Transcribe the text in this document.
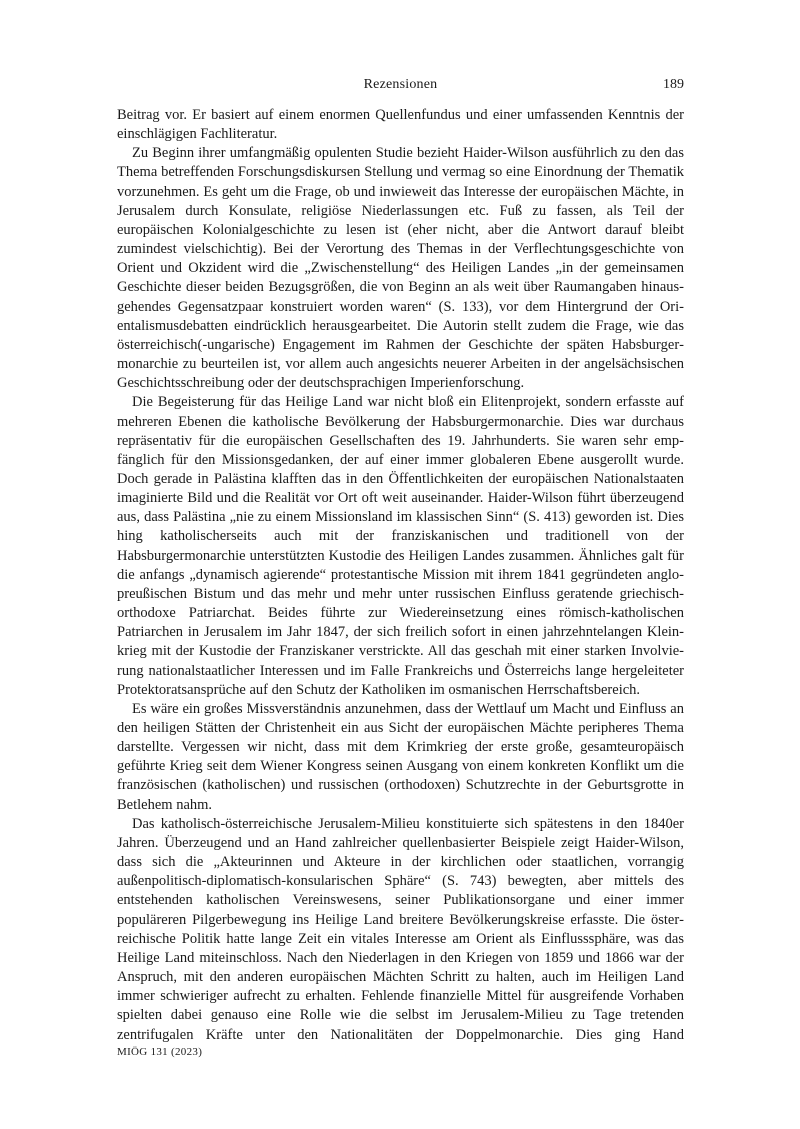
Rezensionen	189

Beitrag vor. Er basiert auf einem enormen Quellenfundus und einer umfassenden Kenntnis der einschlägigen Fachliteratur.

Zu Beginn ihrer umfangmäßig opulenten Studie bezieht Haider-Wilson ausführlich zu den das Thema betreffenden Forschungsdiskursen Stellung und vermag so eine Einordnung der Thematik vorzunehmen. Es geht um die Frage, ob und inwieweit das Interesse der europäischen Mächte, in Jerusalem durch Konsulate, religiöse Niederlassungen etc. Fuß zu fassen, als Teil der europäischen Kolonialgeschichte zu lesen ist (eher nicht, aber die Antwort darauf bleibt zumindest vielschichtig). Bei der Verortung des Themas in der Verflechtungsgeschichte von Orient und Okzident wird die „Zwischenstellung“ des Heiligen Landes „in der gemeinsamen Geschichte dieser beiden Bezugsgrößen, die von Beginn an als weit über Raumangaben hinausgehendes Gegensatzpaar konstruiert worden waren“ (S. 133), vor dem Hintergrund der Orientalismusdebatten eindrücklich herausgearbeitet. Die Autorin stellt zudem die Frage, wie das österreichisch(-ungarische) Engagement im Rahmen der Geschichte der späten Habsburgermonarchie zu beurteilen ist, vor allem auch angesichts neuerer Arbeiten in der angelsächsischen Geschichtsschreibung oder der deutschsprachigen Imperienforschung.

Die Begeisterung für das Heilige Land war nicht bloß ein Elitenprojekt, sondern erfasste auf mehreren Ebenen die katholische Bevölkerung der Habsburgermonarchie. Dies war durchaus repräsentativ für die europäischen Gesellschaften des 19. Jahrhunderts. Sie waren sehr empfänglich für den Missionsgedanken, der auf einer immer globaleren Ebene ausgerollt wurde. Doch gerade in Palästina klafften das in den Öffentlichkeiten der europäischen Nationalstaaten imaginierte Bild und die Realität vor Ort oft weit auseinander. Haider-Wilson führt überzeugend aus, dass Palästina „nie zu einem Missionsland im klassischen Sinn“ (S. 413) geworden ist. Dies hing katholischerseits auch mit der franziskanischen und traditionell von der Habsburgermonarchie unterstützten Kustodie des Heiligen Landes zusammen. Ähnliches galt für die anfangs „dynamisch agierende“ protestantische Mission mit ihrem 1841 gegründeten anglo-preußischen Bistum und das mehr und mehr unter russischen Einfluss geratende griechisch-orthodoxe Patriarchat. Beides führte zur Wiedereinsetzung eines römisch-katholischen Patriarchen in Jerusalem im Jahr 1847, der sich freilich sofort in einen jahrzehntelangen Kleinkrieg mit der Kustodie der Franziskaner verstrickte. All das geschah mit einer starken Involvierung nationalstaatlicher Interessen und im Falle Frankreichs und Österreichs lange hergeleiteter Protektoratsansprüche auf den Schutz der Katholiken im osmanischen Herrschaftsbereich.

Es wäre ein großes Missverständnis anzunehmen, dass der Wettlauf um Macht und Einfluss an den heiligen Stätten der Christenheit ein aus Sicht der europäischen Mächte peripheres Thema darstellte. Vergessen wir nicht, dass mit dem Krimkrieg der erste große, gesamteuropäisch geführte Krieg seit dem Wiener Kongress seinen Ausgang von einem konkreten Konflikt um die französischen (katholischen) und russischen (orthodoxen) Schutzrechte in der Geburtsgrotte in Betlehem nahm.

Das katholisch-österreichische Jerusalem-Milieu konstituierte sich spätestens in den 1840er Jahren. Überzeugend und an Hand zahlreicher quellenbasierter Beispiele zeigt Haider-Wilson, dass sich die „Akteurinnen und Akteure in der kirchlichen oder staatlichen, vorrangig außenpolitisch-diplomatisch-konsularischen Sphäre“ (S. 743) bewegten, aber mittels des entstehenden katholischen Vereinswesens, seiner Publikationsorgane und einer immer populäreren Pilgerbewegung ins Heilige Land breitere Bevölkerungskreise erfasste. Die österreichische Politik hatte lange Zeit ein vitales Interesse am Orient als Einflusssphäre, was das Heilige Land miteinschloss. Nach den Niederlagen in den Kriegen von 1859 und 1866 war der Anspruch, mit den anderen europäischen Mächten Schritt zu halten, auch im Heiligen Land immer schwieriger aufrecht zu erhalten. Fehlende finanzielle Mittel für ausgreifende Vorhaben spielten dabei genauso eine Rolle wie die selbst im Jerusalem-Milieu zu Tage tretenden zentrifugalen Kräfte unter den Nationalitäten der Doppelmonarchie. Dies ging Hand

MIÖG 131 (2023)
